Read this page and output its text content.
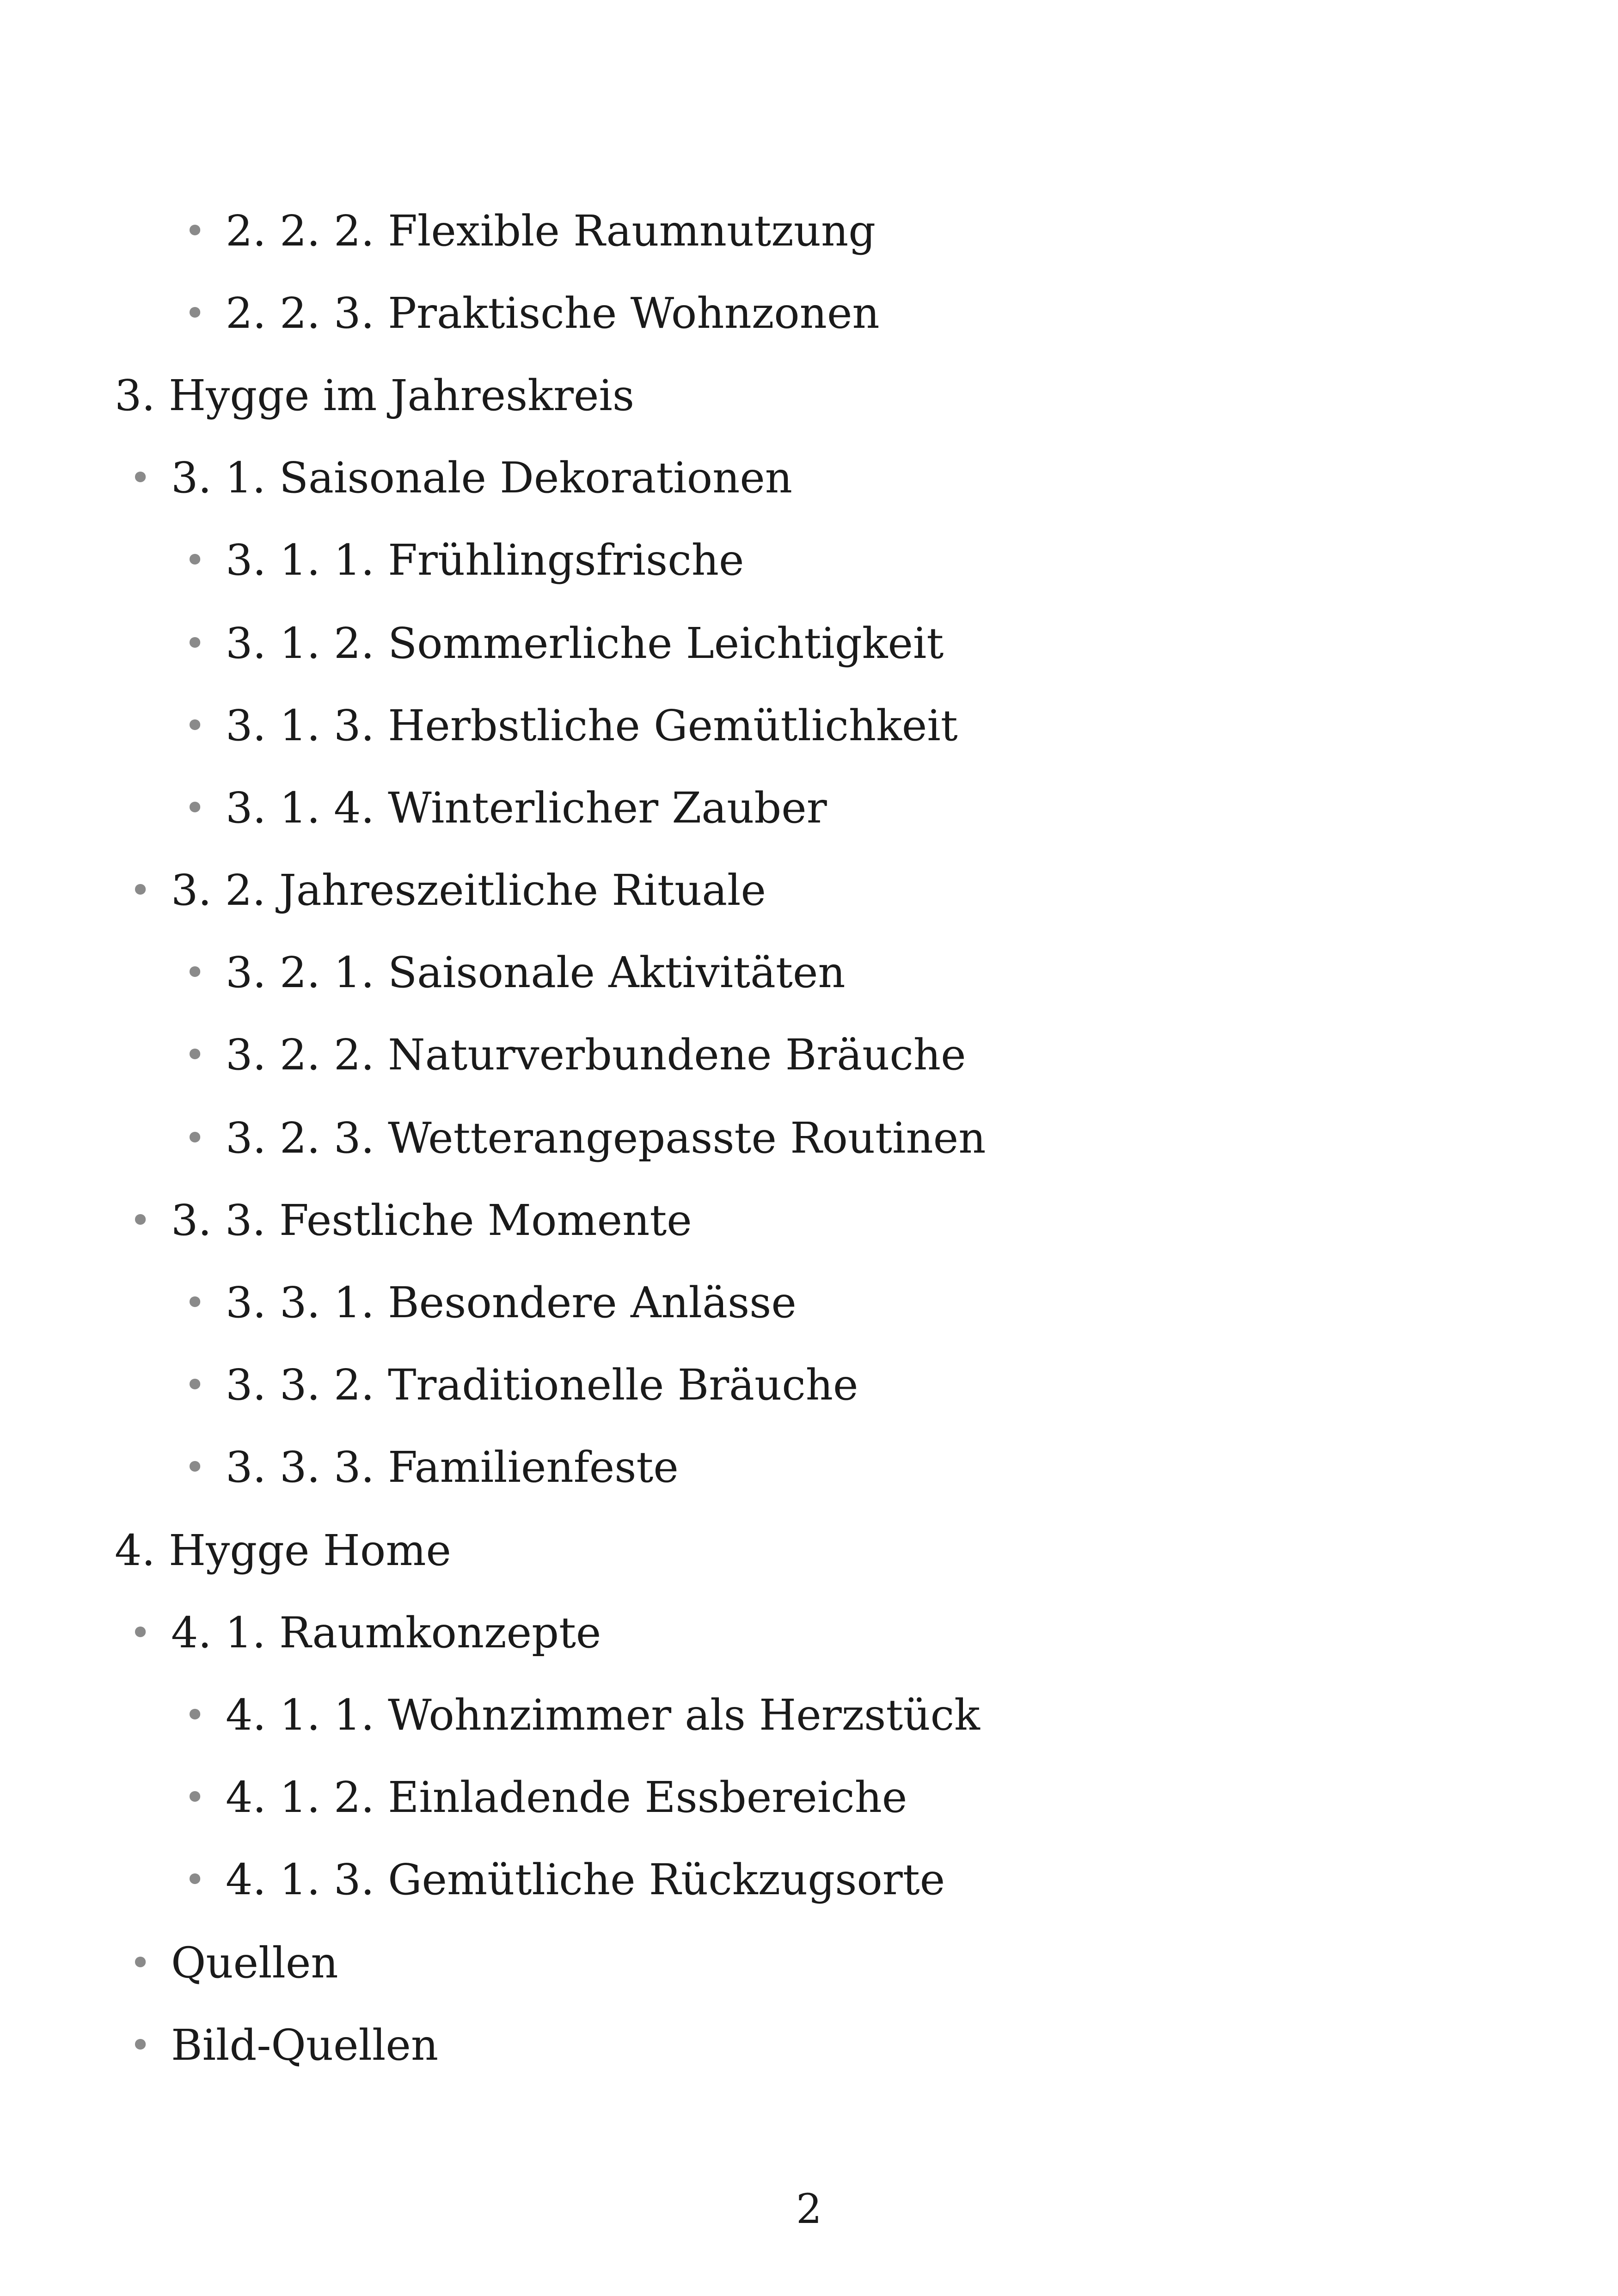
• 2. 2. 2. Flexible Raumnutzung
• 2. 2. 3. Praktische Wohnzonen
3. Hygge im Jahreskreis
• 3. 1. Saisonale Dekorationen
• 3. 1. 1. Frühlingsfrische
• 3. 1. 2. Sommerliche Leichtigkeit
• 3. 1. 3. Herbstliche Gemütlichkeit
• 3. 1. 4. Winterlicher Zauber
• 3. 2. Jahreszeitliche Rituale
• 3. 2. 1. Saisonale Aktivitäten
• 3. 2. 2. Naturverbundene Bräuche
• 3. 2. 3. Wetterangepasste Routinen
• 3. 3. Festliche Momente
• 3. 3. 1. Besondere Anlässe
• 3. 3. 2. Traditionelle Bräuche
• 3. 3. 3. Familienfeste
4. Hygge Home
• 4. 1. Raumkonzepte
• 4. 1. 1. Wohnzimmer als Herzstück
• 4. 1. 2. Einladende Essbereiche
• 4. 1. 3. Gemütliche Rückzugsorte
• Quellen
• Bild-Quellen
2
